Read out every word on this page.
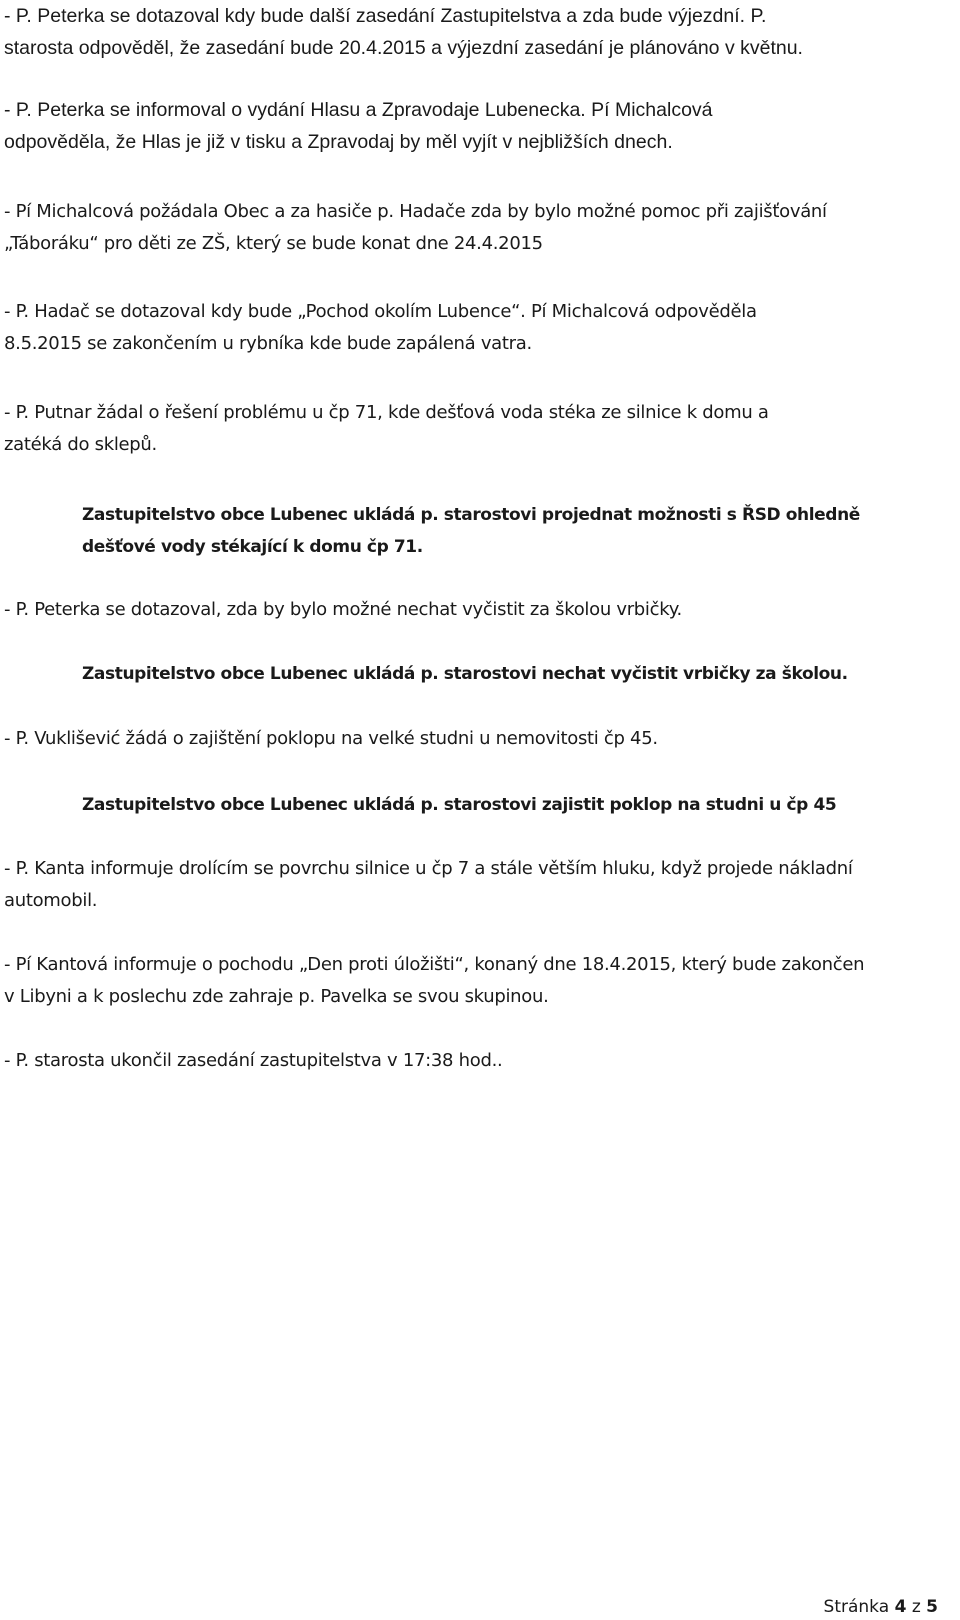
- P. Peterka se dotazoval kdy bude další zasedání Zastupitelstva a zda bude výjezdní. P.
starosta odpověděl, že zasedání bude 20.4.2015 a výjezdní zasedání je plánováno v květnu.

- P. Peterka se informoval o vydání Hlasu a Zpravodaje Lubenecka. Pí Michalcová
odpověděla, že Hlas je již v tisku a Zpravodaj by měl vyjít v nejbližších dnech.

- Pí Michalcová požádala Obec a za hasiče p. Hadače zda by bylo možné pomoc při zajišťování
„Táboráku“ pro děti ze ZŠ, který se bude konat dne 24.4.2015

- P. Hadač se dotazoval kdy bude „Pochod okolím Lubence“. Pí Michalcová odpověděla
8.5.2015 se zakončením u rybníka kde bude zapálená vatra.

- P. Putnar žádal o řešení problému u čp 71, kde dešťová voda stéka ze silnice k domu a
zatéká do sklepů.

Zastupitelstvo obce Lubenec ukládá p. starostovi projednat možnosti s ŘSD ohledně
dešťové vody stékající k domu čp 71.

- P. Peterka se dotazoval, zda by bylo možné nechat vyčistit za školou vrbičky.

Zastupitelstvo obce Lubenec ukládá p. starostovi nechat vyčistit vrbičky za školou.

- P. Vuklišević žádá o zajištění poklopu na velké studni u nemovitosti čp 45.

Zastupitelstvo obce Lubenec ukládá p. starostovi zajistit poklop na studni u čp 45

- P. Kanta informuje drolícím se povrchu silnice u čp 7 a stále větším hluku, když projede nákladní
automobil.

- Pí Kantová informuje o pochodu „Den proti úložišti“, konaný dne 18.4.2015, který bude zakončen
v Libyni a k poslechu zde zahraje p. Pavelka se svou skupinou.

- P. starosta ukončil zasedání zastupitelstva v 17:38 hod..

Stránka 4 z 5
